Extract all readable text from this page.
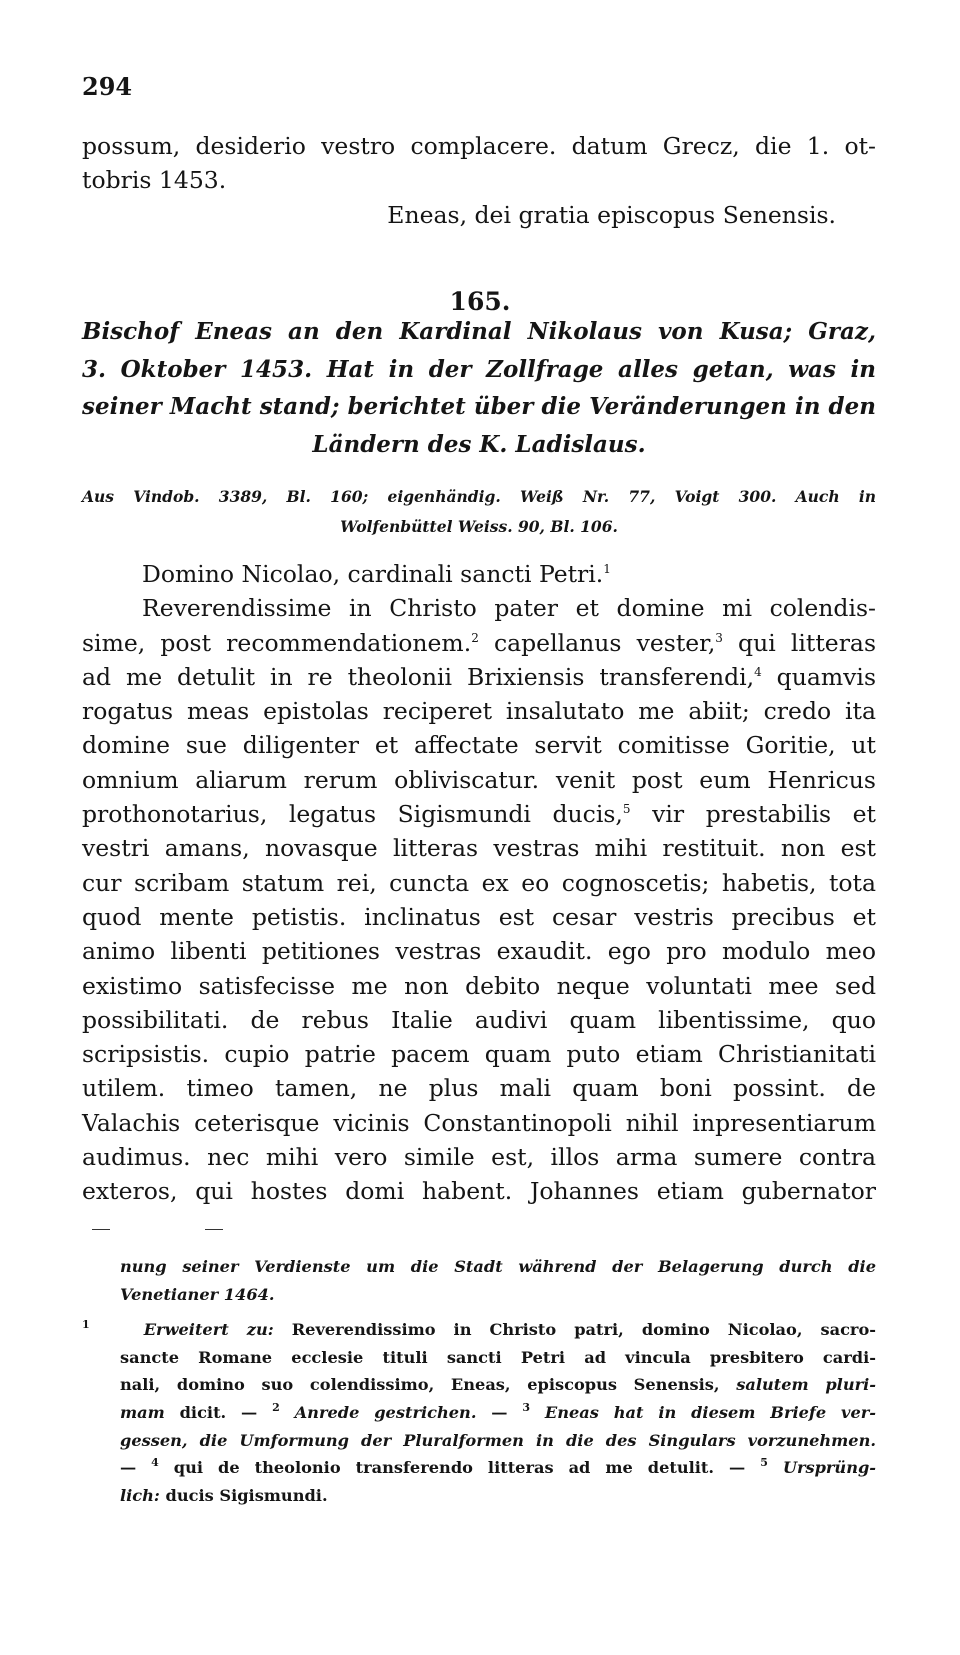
294
possum, desiderio vestro complacere. datum Grecz, die 1. ot-
tobris 1453.
Eneas, dei gratia episcopus Senensis.
165.
Bischof Eneas an den Kardinal Nikolaus von Kusa; Graz,
3. Oktober 1453. Hat in der Zollfrage alles getan, was in
seiner Macht stand; berichtet über die Veränderungen in den
Ländern des K. Ladislaus.
Aus Vindob. 3389, Bl. 160; eigenhändig. Weiß Nr. 77, Voigt 300. Auch in
Wolfenbüttel Weiss. 90, Bl. 106.
Domino Nicolao, cardinali sancti Petri.$^1$
Reverendissime in Christo pater et domine mi colendis-
sime, post recommendationem.$^2$ capellanus vester,$^3$ qui litteras
ad me detulit in re theolonii Brixiensis transferendi,$^4$ quamvis
rogatus meas epistolas reciperet insalutato me abiit; credo ita
domine sue diligenter et affectate servit comitisse Goritie, ut
omnium aliarum rerum obliviscatur. venit post eum Henricus
prothonotarius, legatus Sigismundi ducis,$^5$ vir prestabilis et
vestri amans, novasque litteras vestras mihi restituit. non est
cur scribam statum rei, cuncta ex eo cognoscetis; habetis, tota
quod mente petistis. inclinatus est cesar vestris precibus et
animo libenti petitiones vestras exaudit. ego pro modulo meo
existimo satisfecisse me non debito neque voluntati mee sed
possibilitati. de rebus Italie audivi quam libentissime, quo
scripsistis. cupio patrie pacem quam puto etiam Christianitati
utilem. timeo tamen, ne plus mali quam boni possint. de
Valachis ceterisque vicinis Constantinopoli nihil inpresentiarum
audimus. nec mihi vero simile est, illos arma sumere contra
exteros, qui hostes domi habent. Johannes etiam gubernator
nung seiner Verdienste um die Stadt während der Belagerung durch die
Venetianer 1464.
$^1$	Erweitert zu: Reverendissimo in Christo patri, domino Nicolao, sacro-
sancte Romane ecclesie tituli sancti Petri ad vincula presbitero cardi-
nali, domino suo colendissimo, Eneas, episcopus Senensis, salutem pluri-
mam dicit. — $^2$ Anrede gestrichen. — $^3$ Eneas hat in diesem Briefe ver-
gessen, die Umformung der Pluralformen in die des Singulars vorzunehmen.
— $^4$ qui de theolonio transferendo litteras ad me detulit. — $^5$ Ursprüng-
lich: ducis Sigismundi.
